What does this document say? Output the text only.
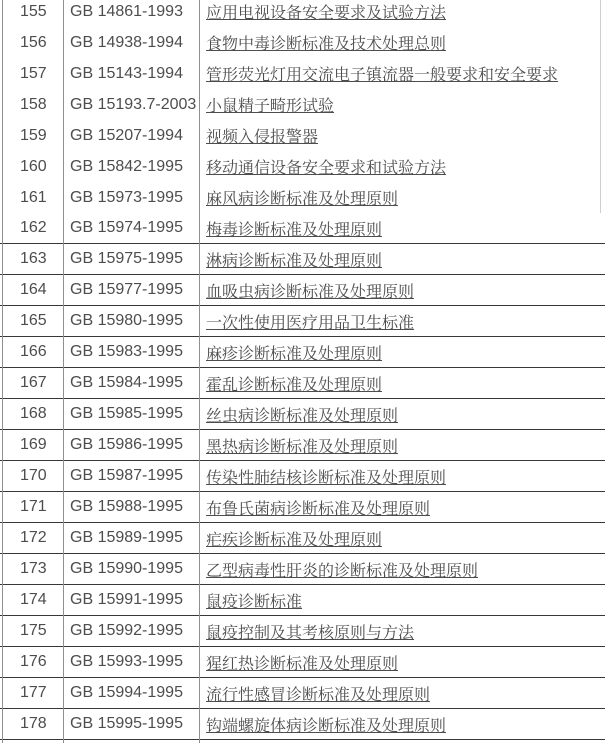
155	GB 14861-1993	应用电视设备安全要求及试验方法
156	GB 14938-1994	食物中毒诊断标准及技术处理总则
157	GB 15143-1994	管形荧光灯用交流电子镇流器一般要求和安全要求
158	GB 15193.7-2003 小鼠精子畸形试验
159	GB 15207-1994	视频入侵报警器
160	GB 15842-1995	移动通信设备安全要求和试验方法
161	GB 15973-1995	麻风病诊断标准及处理原则
162	GB 15974-1995	梅毒诊断标准及处理原则
163	GB 15975-1995	淋病诊断标准及处理原则
164	GB 15977-1995	血吸虫病诊断标准及处理原则
165	GB 15980-1995	一次性使用医疗用品卫生标准
166	GB 15983-1995	麻疹诊断标准及处理原则
167	GB 15984-1995	霍乱诊断标准及处理原则
168	GB 15985-1995	丝虫病诊断标准及处理原则
169	GB 15986-1995	黑热病诊断标准及处理原则
170	GB 15987-1995	传染性肺结核诊断标准及处理原则
171	GB 15988-1995	布鲁氏菌病诊断标准及处理原则
172	GB 15989-1995	疟疾诊断标准及处理原则
173	GB 15990-1995	乙型病毒性肝炎的诊断标准及处理原则
174	GB 15991-1995	鼠疫诊断标准
175	GB 15992-1995	鼠疫控制及其考核原则与方法
176	GB 15993-1995	猩红热诊断标准及处理原则
177	GB 15994-1995	流行性感冒诊断标准及处理原则
178	GB 15995-1995	钩端螺旋体病诊断标准及处理原则
